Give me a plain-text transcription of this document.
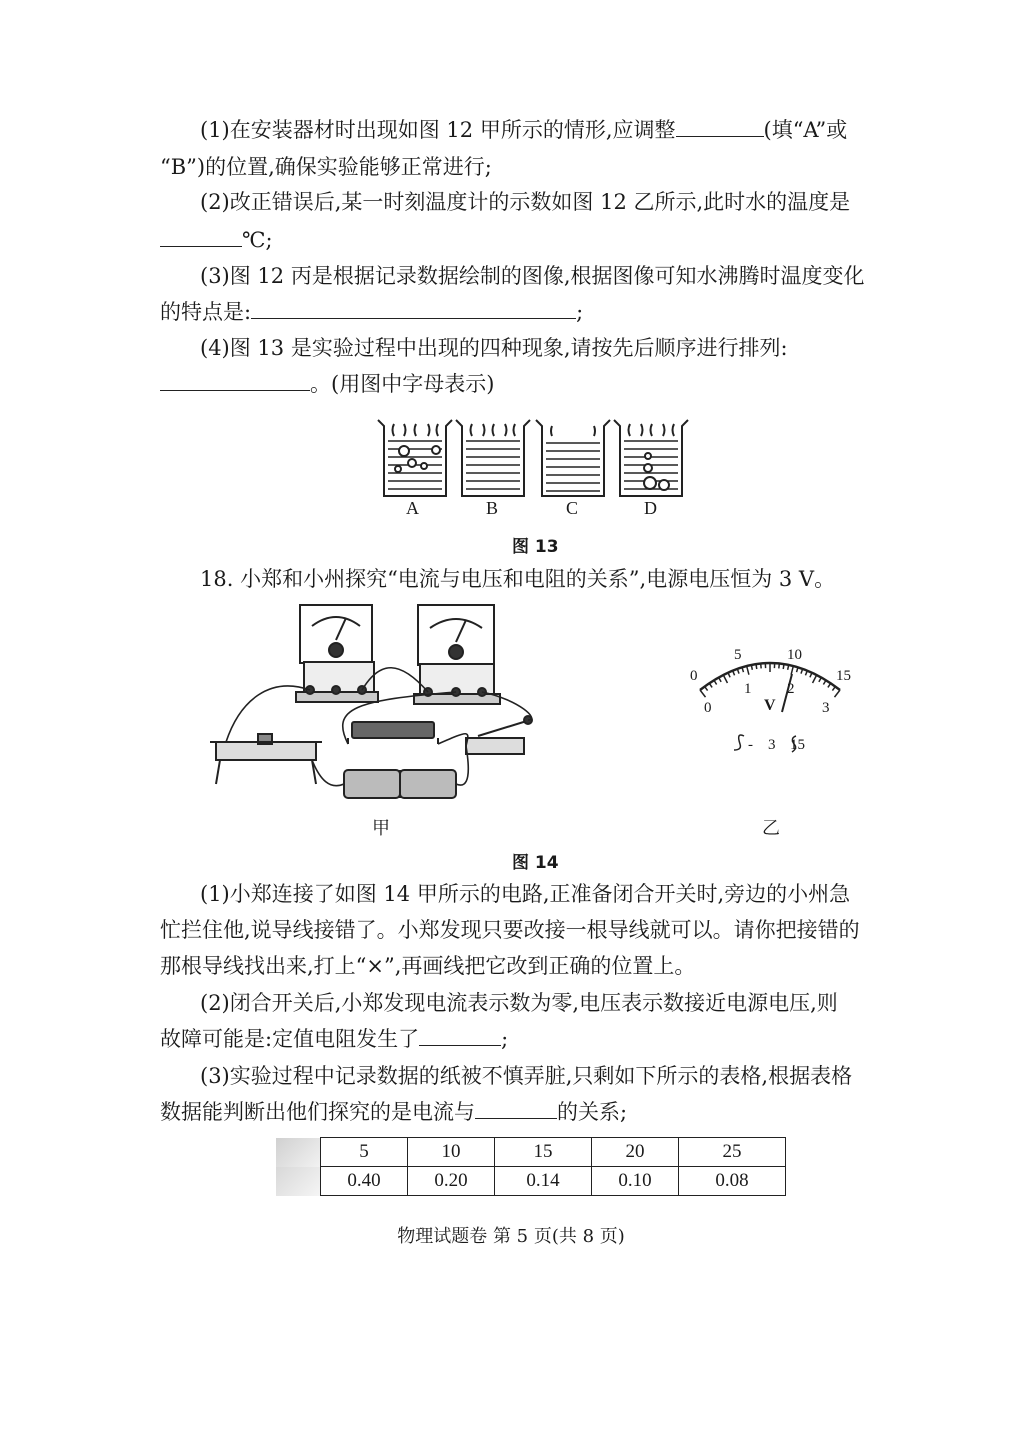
(1)在安装器材时出现如图 12 甲所示的情形,应调整	(填“A”或
“B”)的位置,确保实验能够正常进行;
(2)改正错误后,某一时刻温度计的示数如图 12 乙所示,此时水的温度是
℃;
(3)图 12 丙是根据记录数据绘制的图像,根据图像可知水沸腾时温度变化
的特点是:	;
(4)图 13 是实验过程中出现的四种现象,请按先后顺序进行排列:
。(用图中字母表示)
A	B	C	D
图 13
18. 小郑和小州探究“电流与电压和电阻的关系”,电源电压恒为 3 V。
0
5	10
15
0
1 2
3
V
- 3 15
甲	乙
图 14
(1)小郑连接了如图 14 甲所示的电路,正准备闭合开关时,旁边的小州急
忙拦住他,说导线接错了。小郑发现只要改接一根导线就可以。请你把接错的
那根导线找出来,打上“×”,再画线把它改到正确的位置上。
(2)闭合开关后,小郑发现电流表示数为零,电压表示数接近电源电压,则
故障可能是:定值电阻发生了	;
(3)实验过程中记录数据的纸被不慎弄脏,只剩如下所示的表格,根据表格
数据能判断出他们探究的是电流与	的关系;
	5	10	15	20	25
	0.40	0.20	0.14	0.10	0.08
物理试题卷 第 5 页(共 8 页)
